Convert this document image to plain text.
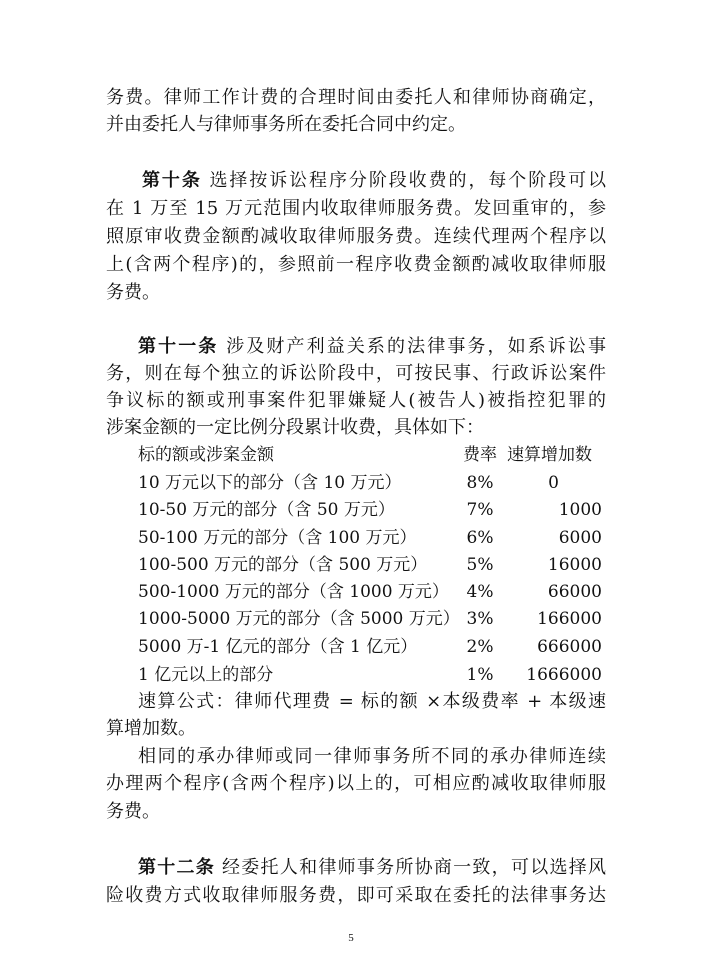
务费。律师工作计费的合理时间由委托人和律师协商确定，
并由委托人与律师事务所在委托合同中约定。
第十条 选择按诉讼程序分阶段收费的，每个阶段可以
在 1 万至 15 万元范围内收取律师服务费。发回重审的，参
照原审收费金额酌减收取律师服务费。连续代理两个程序以
上(含两个程序)的，参照前一程序收费金额酌减收取律师服
务费。
第十一条 涉及财产利益关系的法律事务，如系诉讼事
务，则在每个独立的诉讼阶段中，可按民事、行政诉讼案件
争议标的额或刑事案件犯罪嫌疑人(被告人)被指控犯罪的
涉案金额的一定比例分段累计收费，具体如下：
标的额或涉案金额	费率 速算增加数
10 万元以下的部分（含 10 万元）	8%	0
10-50 万元的部分（含 50 万元）	7%	1000
50-100 万元的部分（含 100 万元）	6%	6000
100-500 万元的部分（含 500 万元）	5%	16000
500-1000 万元的部分（含 1000 万元）	4%	66000
1000-5000 万元的部分（含 5000 万元） 3%	166000
5000 万-1 亿元的部分（含 1 亿元）	2%	666000
1 亿元以上的部分	1%	1666000
速算公式：律师代理费 = 标的额 ×本级费率 + 本级速
算增加数。
相同的承办律师或同一律师事务所不同的承办律师连续
办理两个程序(含两个程序)以上的，可相应酌减收取律师服
务费。
第十二条 经委托人和律师事务所协商一致，可以选择风
险收费方式收取律师服务费，即可采取在委托的法律事务达
5
